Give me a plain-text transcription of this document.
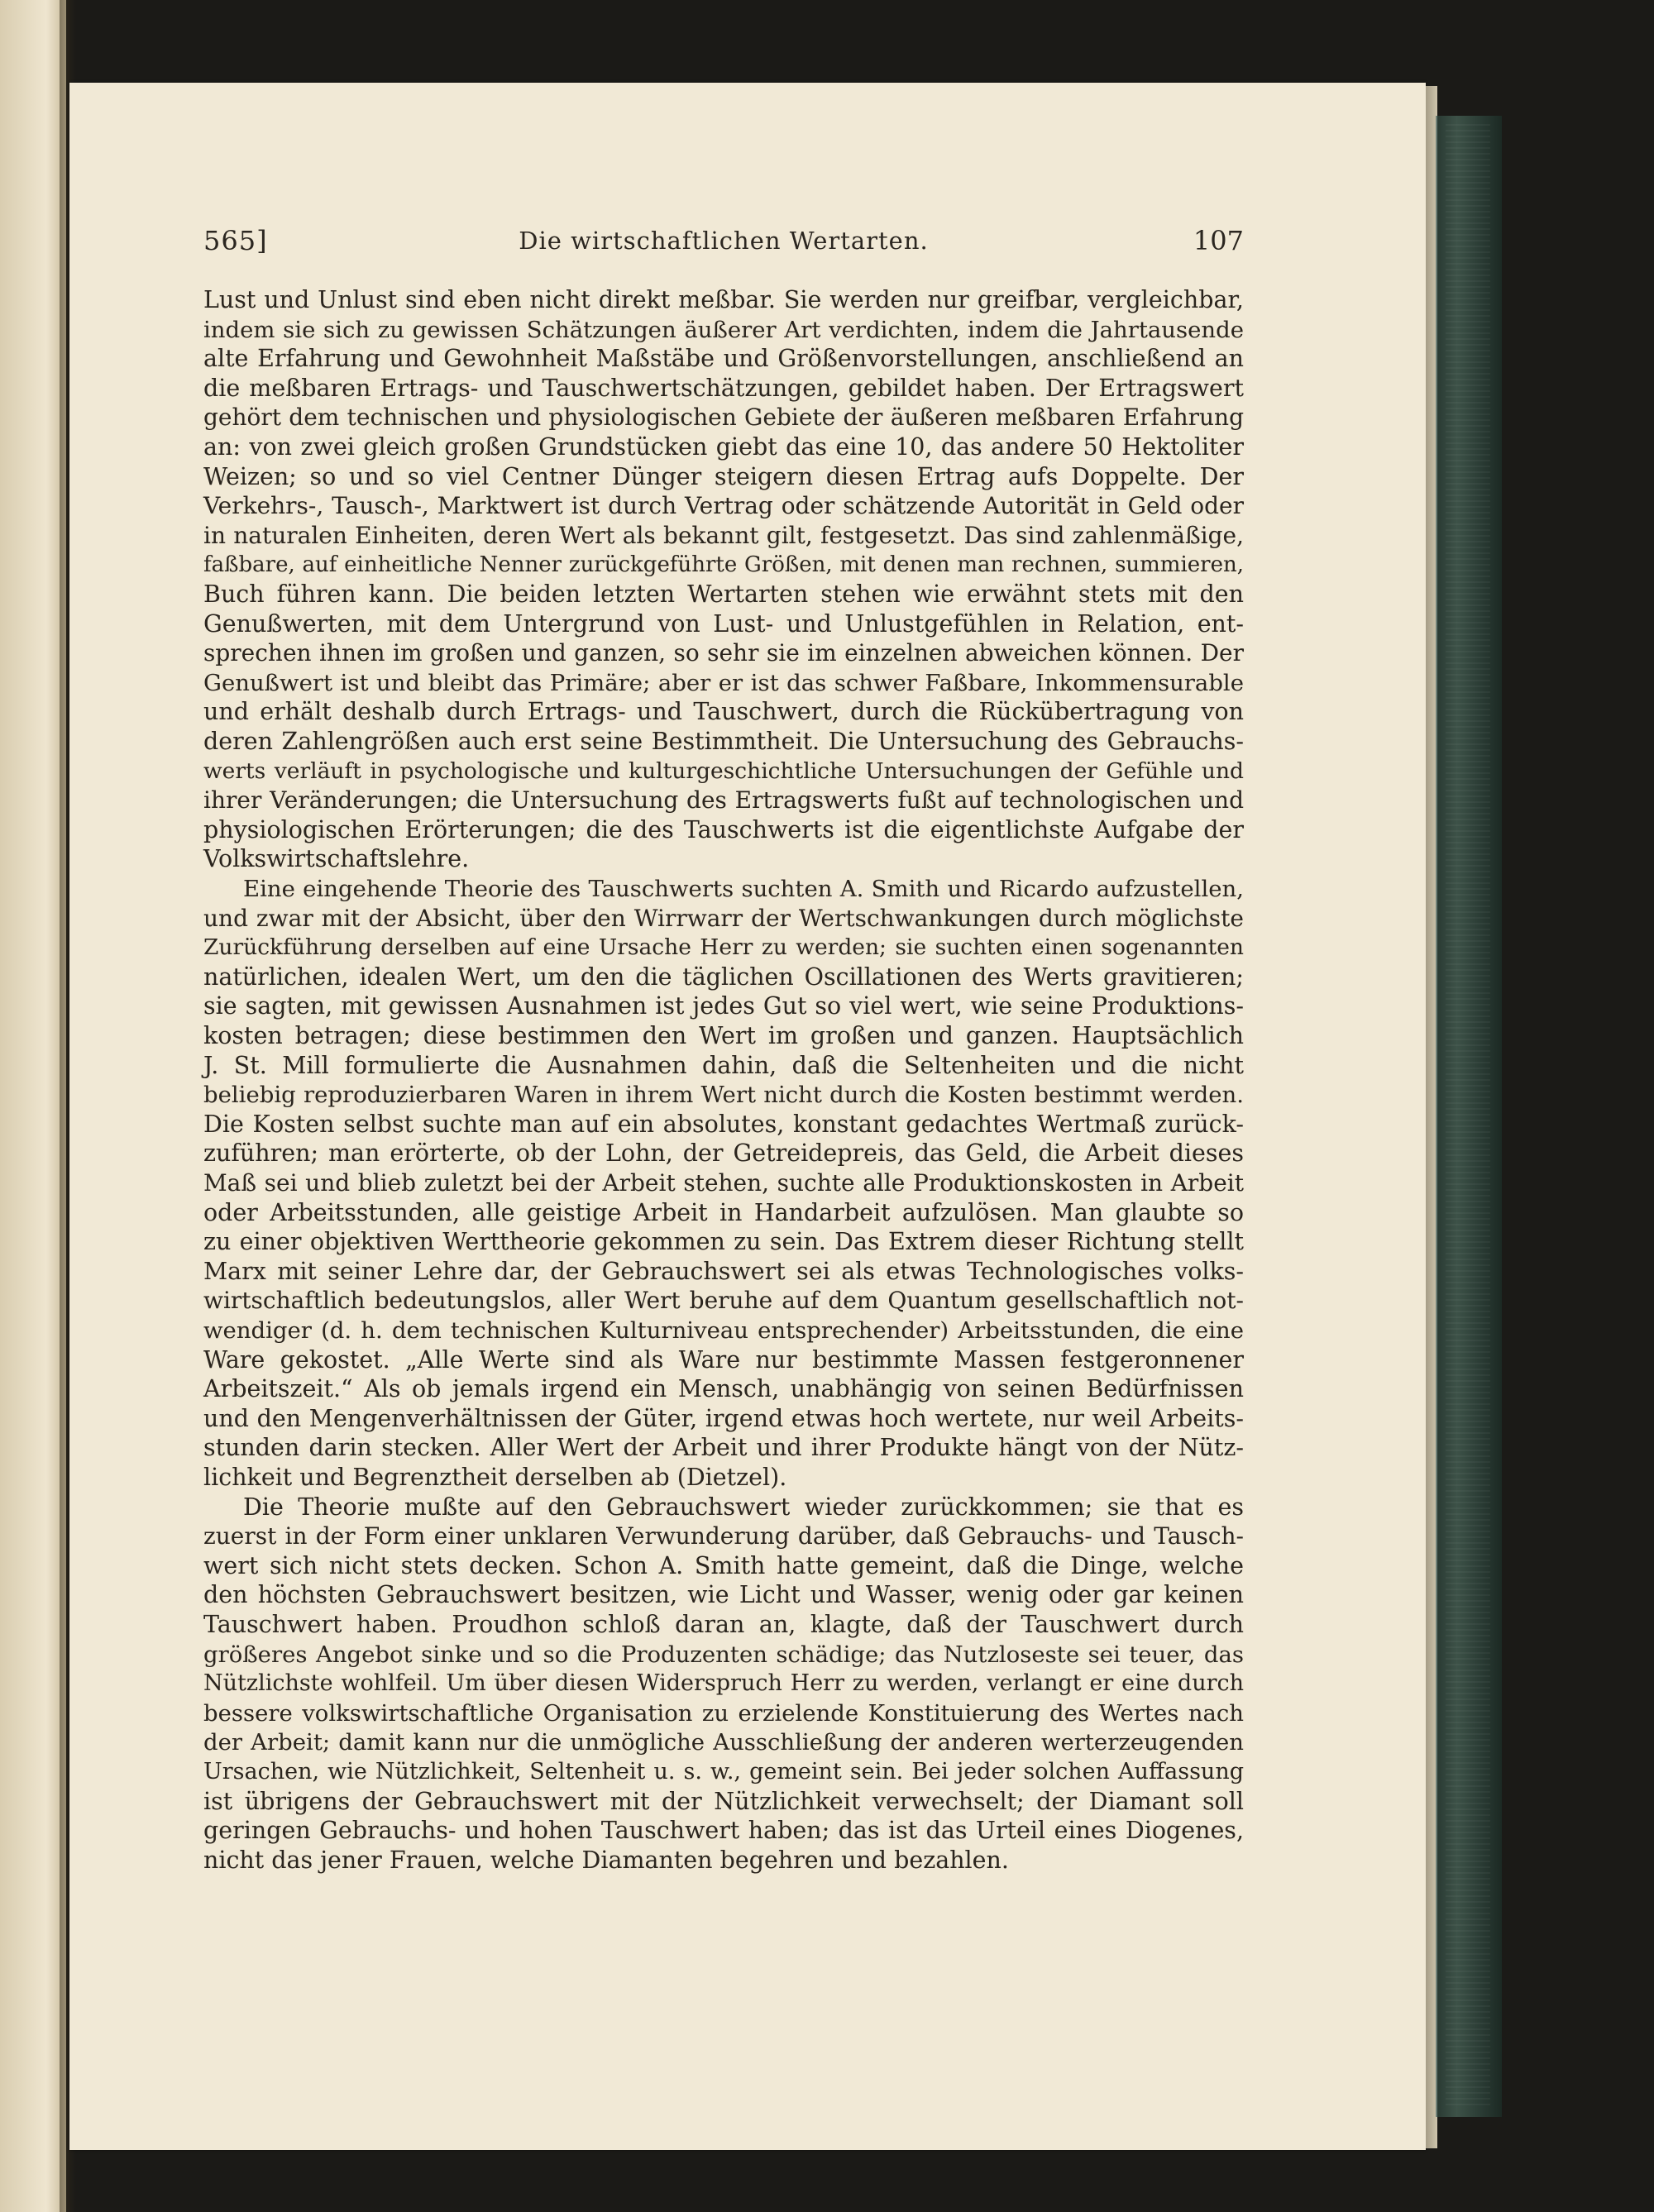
565]	Die wirtschaftlichen Wertarten.	107
Lust und Unlust sind eben nicht direkt meßbar. Sie werden nur greifbar, vergleichbar,
indem sie sich zu gewissen Schätzungen äußerer Art verdichten, indem die Jahrtausende
alte Erfahrung und Gewohnheit Maßstäbe und Größenvorstellungen, anschließend an
die meßbaren Ertrags- und Tauschwertschätzungen, gebildet haben. Der Ertragswert
gehört dem technischen und physiologischen Gebiete der äußeren meßbaren Erfahrung
an: von zwei gleich großen Grundstücken giebt das eine 10, das andere 50 Hektoliter
Weizen; so und so viel Centner Dünger steigern diesen Ertrag aufs Doppelte. Der
Verkehrs-, Tausch-, Marktwert ist durch Vertrag oder schätzende Autorität in Geld oder
in naturalen Einheiten, deren Wert als bekannt gilt, festgesetzt. Das sind zahlenmäßige,
faßbare, auf einheitliche Nenner zurückgeführte Größen, mit denen man rechnen, summieren,
Buch führen kann. Die beiden letzten Wertarten stehen wie erwähnt stets mit den
Genußwerten, mit dem Untergrund von Lust- und Unlustgefühlen in Relation, ent-
sprechen ihnen im großen und ganzen, so sehr sie im einzelnen abweichen können. Der
Genußwert ist und bleibt das Primäre; aber er ist das schwer Faßbare, Inkommensurable
und erhält deshalb durch Ertrags- und Tauschwert, durch die Rückübertragung von
deren Zahlengrößen auch erst seine Bestimmtheit. Die Untersuchung des Gebrauchs-
werts verläuft in psychologische und kulturgeschichtliche Untersuchungen der Gefühle und
ihrer Veränderungen; die Untersuchung des Ertragswerts fußt auf technologischen und
physiologischen Erörterungen; die des Tauschwerts ist die eigentlichste Aufgabe der
Volkswirtschaftslehre.
Eine eingehende Theorie des Tauschwerts suchten A. Smith und Ricardo aufzustellen,
und zwar mit der Absicht, über den Wirrwarr der Wertschwankungen durch möglichste
Zurückführung derselben auf eine Ursache Herr zu werden; sie suchten einen sogenannten
natürlichen, idealen Wert, um den die täglichen Oscillationen des Werts gravitieren;
sie sagten, mit gewissen Ausnahmen ist jedes Gut so viel wert, wie seine Produktions-
kosten betragen; diese bestimmen den Wert im großen und ganzen. Hauptsächlich
J. St. Mill formulierte die Ausnahmen dahin, daß die Seltenheiten und die nicht
beliebig reproduzierbaren Waren in ihrem Wert nicht durch die Kosten bestimmt werden.
Die Kosten selbst suchte man auf ein absolutes, konstant gedachtes Wertmaß zurück-
zuführen; man erörterte, ob der Lohn, der Getreidepreis, das Geld, die Arbeit dieses
Maß sei und blieb zuletzt bei der Arbeit stehen, suchte alle Produktionskosten in Arbeit
oder Arbeitsstunden, alle geistige Arbeit in Handarbeit aufzulösen. Man glaubte so
zu einer objektiven Werttheorie gekommen zu sein. Das Extrem dieser Richtung stellt
Marx mit seiner Lehre dar, der Gebrauchswert sei als etwas Technologisches volks-
wirtschaftlich bedeutungslos, aller Wert beruhe auf dem Quantum gesellschaftlich not-
wendiger (d. h. dem technischen Kulturniveau entsprechender) Arbeitsstunden, die eine
Ware gekostet. „Alle Werte sind als Ware nur bestimmte Massen festgeronnener
Arbeitszeit.“ Als ob jemals irgend ein Mensch, unabhängig von seinen Bedürfnissen
und den Mengenverhältnissen der Güter, irgend etwas hoch wertete, nur weil Arbeits-
stunden darin stecken. Aller Wert der Arbeit und ihrer Produkte hängt von der Nütz-
lichkeit und Begrenztheit derselben ab (Dietzel).
Die Theorie mußte auf den Gebrauchswert wieder zurückkommen; sie that es
zuerst in der Form einer unklaren Verwunderung darüber, daß Gebrauchs- und Tausch-
wert sich nicht stets decken. Schon A. Smith hatte gemeint, daß die Dinge, welche
den höchsten Gebrauchswert besitzen, wie Licht und Wasser, wenig oder gar keinen
Tauschwert haben. Proudhon schloß daran an, klagte, daß der Tauschwert durch
größeres Angebot sinke und so die Produzenten schädige; das Nutzloseste sei teuer, das
Nützlichste wohlfeil. Um über diesen Widerspruch Herr zu werden, verlangt er eine durch
bessere volkswirtschaftliche Organisation zu erzielende Konstituierung des Wertes nach
der Arbeit; damit kann nur die unmögliche Ausschließung der anderen werterzeugenden
Ursachen, wie Nützlichkeit, Seltenheit u. s. w., gemeint sein. Bei jeder solchen Auffassung
ist übrigens der Gebrauchswert mit der Nützlichkeit verwechselt; der Diamant soll
geringen Gebrauchs- und hohen Tauschwert haben; das ist das Urteil eines Diogenes,
nicht das jener Frauen, welche Diamanten begehren und bezahlen.
